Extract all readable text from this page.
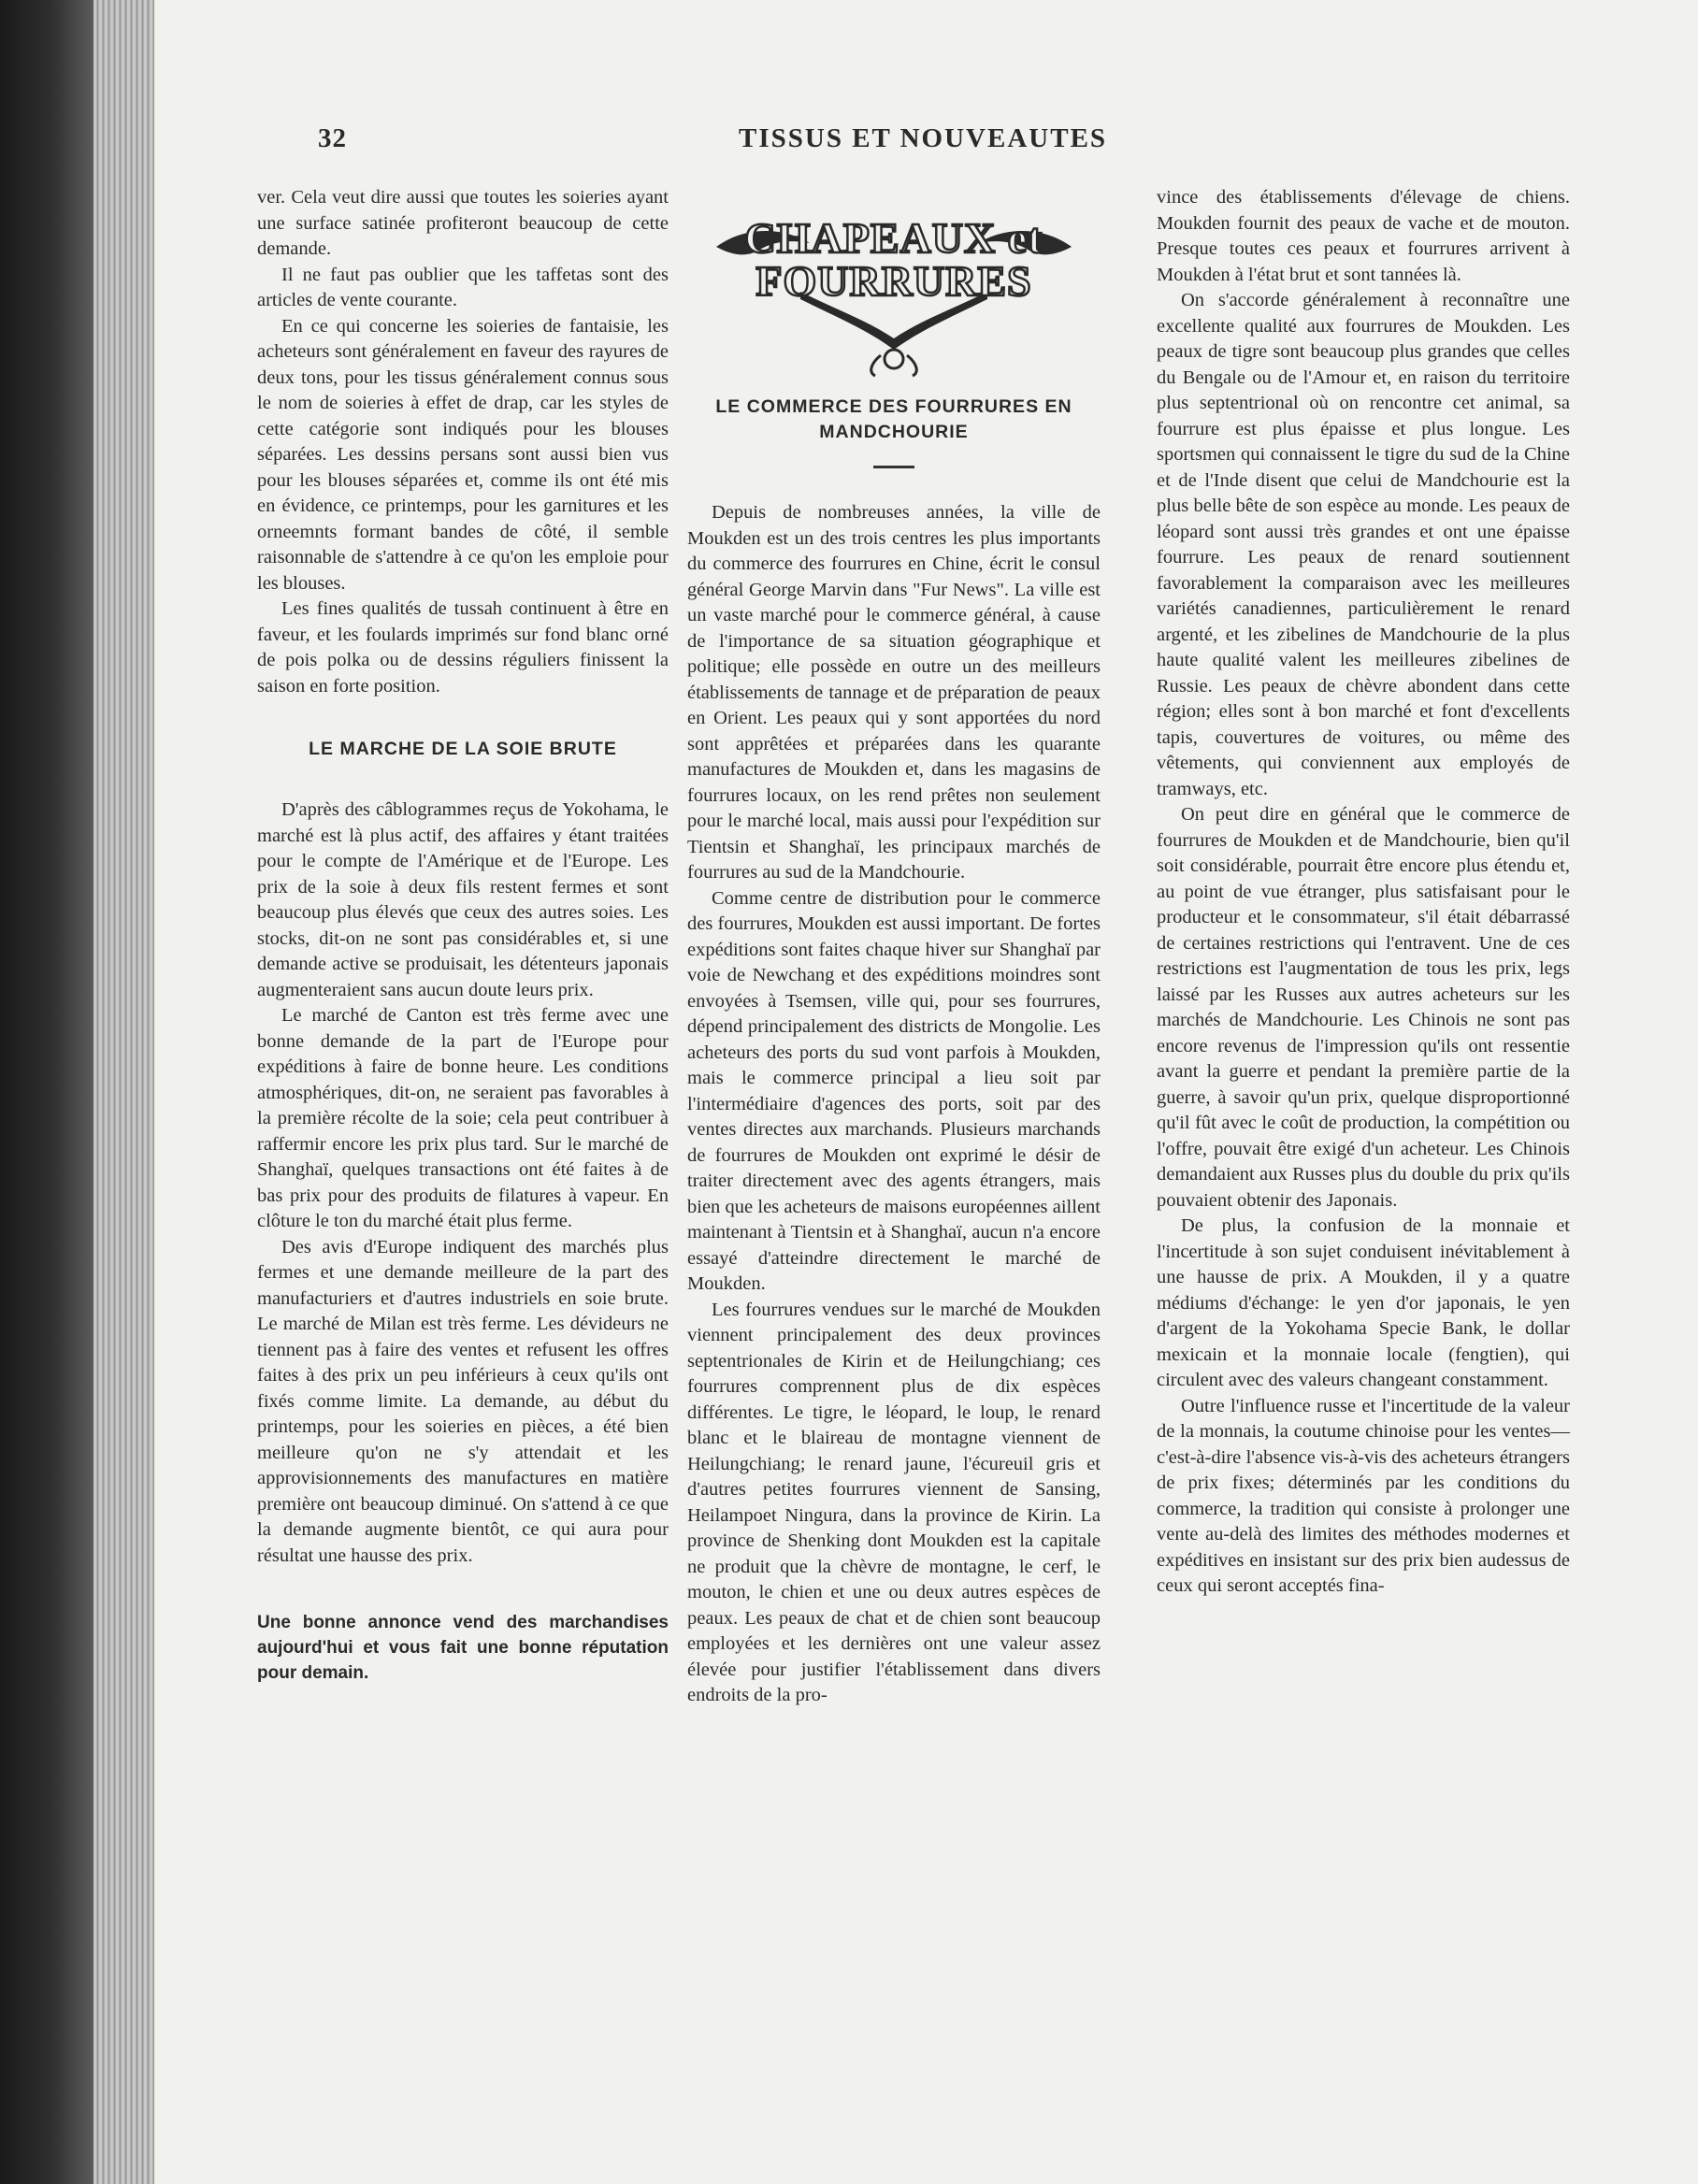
32	TISSUS ET NOUVEAUTES

ver. Cela veut dire aussi que toutes les soieries ayant une surface satinée profiteront beaucoup de cette demande.

Il ne faut pas oublier que les taffetas sont des articles de vente courante.

En ce qui concerne les soieries de fantaisie, les acheteurs sont généralement en faveur des rayures de deux tons, pour les tissus généralement connus sous le nom de soieries à effet de drap, car les styles de cette catégorie sont indiqués pour les blouses séparées. Les dessins persans sont aussi bien vus pour les blouses séparées et, comme ils ont été mis en évidence, ce printemps, pour les garnitures et les orneemnts formant bandes de côté, il semble raisonnable de s'attendre à ce qu'on les emploie pour les blouses.

Les fines qualités de tussah continuent à être en faveur, et les foulards imprimés sur fond blanc orné de pois polka ou de dessins réguliers finissent la saison en forte position.

LE MARCHE DE LA SOIE BRUTE

D'après des câblogrammes reçus de Yokohama, le marché est là plus actif, des affaires y étant traitées pour le compte de l'Amérique et de l'Europe. Les prix de la soie à deux fils restent fermes et sont beaucoup plus élevés que ceux des autres soies. Les stocks, dit-on ne sont pas considérables et, si une demande active se produisait, les détenteurs japonais augmenteraient sans aucun doute leurs prix.

Le marché de Canton est très ferme avec une bonne demande de la part de l'Europe pour expéditions à faire de bonne heure. Les conditions atmosphériques, dit-on, ne seraient pas favorables à la première récolte de la soie; cela peut contribuer à raffermir encore les prix plus tard. Sur le marché de Shanghaï, quelques transactions ont été faites à de bas prix pour des produits de filatures à vapeur. En clôture le ton du marché était plus ferme.

Des avis d'Europe indiquent des marchés plus fermes et une demande meilleure de la part des manufacturiers et d'autres industriels en soie brute. Le marché de Milan est très ferme. Les dévideurs ne tiennent pas à faire des ventes et refusent les offres faites à des prix un peu inférieurs à ceux qu'ils ont fixés comme limite. La demande, au début du printemps, pour les soieries en pièces, a été bien meilleure qu'on ne s'y attendait et les approvisionnements des manufactures en matière première ont beaucoup diminué. On s'attend à ce que la demande augmente bientôt, ce qui aura pour résultat une hausse des prix.

Une bonne annonce vend des marchandises aujourd'hui et vous fait une bonne réputation pour demain.
CHAPEAUX et
FOURRURES
LE COMMERCE DES FOURRURES EN MANDCHOURIE

Depuis de nombreuses années, la ville de Moukden est un des trois centres les plus importants du commerce des fourrures en Chine, écrit le consul général George Marvin dans "Fur News". La ville est un vaste marché pour le commerce général, à cause de l'importance de sa situation géographique et politique; elle possède en outre un des meilleurs établissements de tannage et de préparation de peaux en Orient. Les peaux qui y sont apportées du nord sont apprêtées et préparées dans les quarante manufactures de Moukden et, dans les magasins de fourrures locaux, on les rend prêtes non seulement pour le marché local, mais aussi pour l'expédition sur Tientsin et Shanghaï, les principaux marchés de fourrures au sud de la Mandchourie.

Comme centre de distribution pour le commerce des fourrures, Moukden est aussi important. De fortes expéditions sont faites chaque hiver sur Shanghaï par voie de Newchang et des expéditions moindres sont envoyées à Tsemsen, ville qui, pour ses fourrures, dépend principalement des districts de Mongolie. Les acheteurs des ports du sud vont parfois à Moukden, mais le commerce principal a lieu soit par l'intermédiaire d'agences des ports, soit par des ventes directes aux marchands. Plusieurs marchands de fourrures de Moukden ont exprimé le désir de traiter directement avec des agents étrangers, mais bien que les acheteurs de maisons européennes aillent maintenant à Tientsin et à Shanghaï, aucun n'a encore essayé d'atteindre directement le marché de Moukden.

Les fourrures vendues sur le marché de Moukden viennent principalement des deux provinces septentrionales de Kirin et de Heilungchiang; ces fourrures comprennent plus de dix espèces différentes. Le tigre, le léopard, le loup, le renard blanc et le blaireau de montagne viennent de Heilungchiang; le renard jaune, l'écureuil gris et d'autres petites fourrures viennent de Sansing, Heilampoet Ningura, dans la province de Kirin. La province de Shenking dont Moukden est la capitale ne produit que la chèvre de montagne, le cerf, le mouton, le chien et une ou deux autres espèces de peaux. Les peaux de chat et de chien sont beaucoup employées et les dernières ont une valeur assez élevée pour justifier l'établissement dans divers endroits de la pro-

vince des établissements d'élevage de chiens. Moukden fournit des peaux de vache et de mouton. Presque toutes ces peaux et fourrures arrivent à Moukden à l'état brut et sont tannées là.

On s'accorde généralement à reconnaître une excellente qualité aux fourrures de Moukden. Les peaux de tigre sont beaucoup plus grandes que celles du Bengale ou de l'Amour et, en raison du territoire plus septentrional où on rencontre cet animal, sa fourrure est plus épaisse et plus longue. Les sportsmen qui connaissent le tigre du sud de la Chine et de l'Inde disent que celui de Mandchourie est la plus belle bête de son espèce au monde. Les peaux de léopard sont aussi très grandes et ont une épaisse fourrure. Les peaux de renard soutiennent favorablement la comparaison avec les meilleures variétés canadiennes, particulièrement le renard argenté, et les zibelines de Mandchourie de la plus haute qualité valent les meilleures zibelines de Russie. Les peaux de chèvre abondent dans cette région; elles sont à bon marché et font d'excellents tapis, couvertures de voitures, ou même des vêtements, qui conviennent aux employés de tramways, etc.

On peut dire en général que le commerce de fourrures de Moukden et de Mandchourie, bien qu'il soit considérable, pourrait être encore plus étendu et, au point de vue étranger, plus satisfaisant pour le producteur et le consommateur, s'il était débarrassé de certaines restrictions qui l'entravent. Une de ces restrictions est l'augmentation de tous les prix, legs laissé par les Russes aux autres acheteurs sur les marchés de Mandchourie. Les Chinois ne sont pas encore revenus de l'impression qu'ils ont ressentie avant la guerre et pendant la première partie de la guerre, à savoir qu'un prix, quelque disproportionné qu'il fût avec le coût de production, la compétition ou l'offre, pouvait être exigé d'un acheteur. Les Chinois demandaient aux Russes plus du double du prix qu'ils pouvaient obtenir des Japonais.

De plus, la confusion de la monnaie et l'incertitude à son sujet conduisent inévitablement à une hausse de prix. A Moukden, il y a quatre médiums d'échange: le yen d'or japonais, le yen d'argent de la Yokohama Specie Bank, le dollar mexicain et la monnaie locale (fengtien), qui circulent avec des valeurs changeant constamment.

Outre l'influence russe et l'incertitude de la valeur de la monnais, la coutume chinoise pour les ventes—c'est-à-dire l'absence vis-à-vis des acheteurs étrangers de prix fixes; déterminés par les conditions du commerce, la tradition qui consiste à prolonger une vente au-delà des limites des méthodes modernes et expéditives en insistant sur des prix bien audessus de ceux qui seront acceptés fina-
